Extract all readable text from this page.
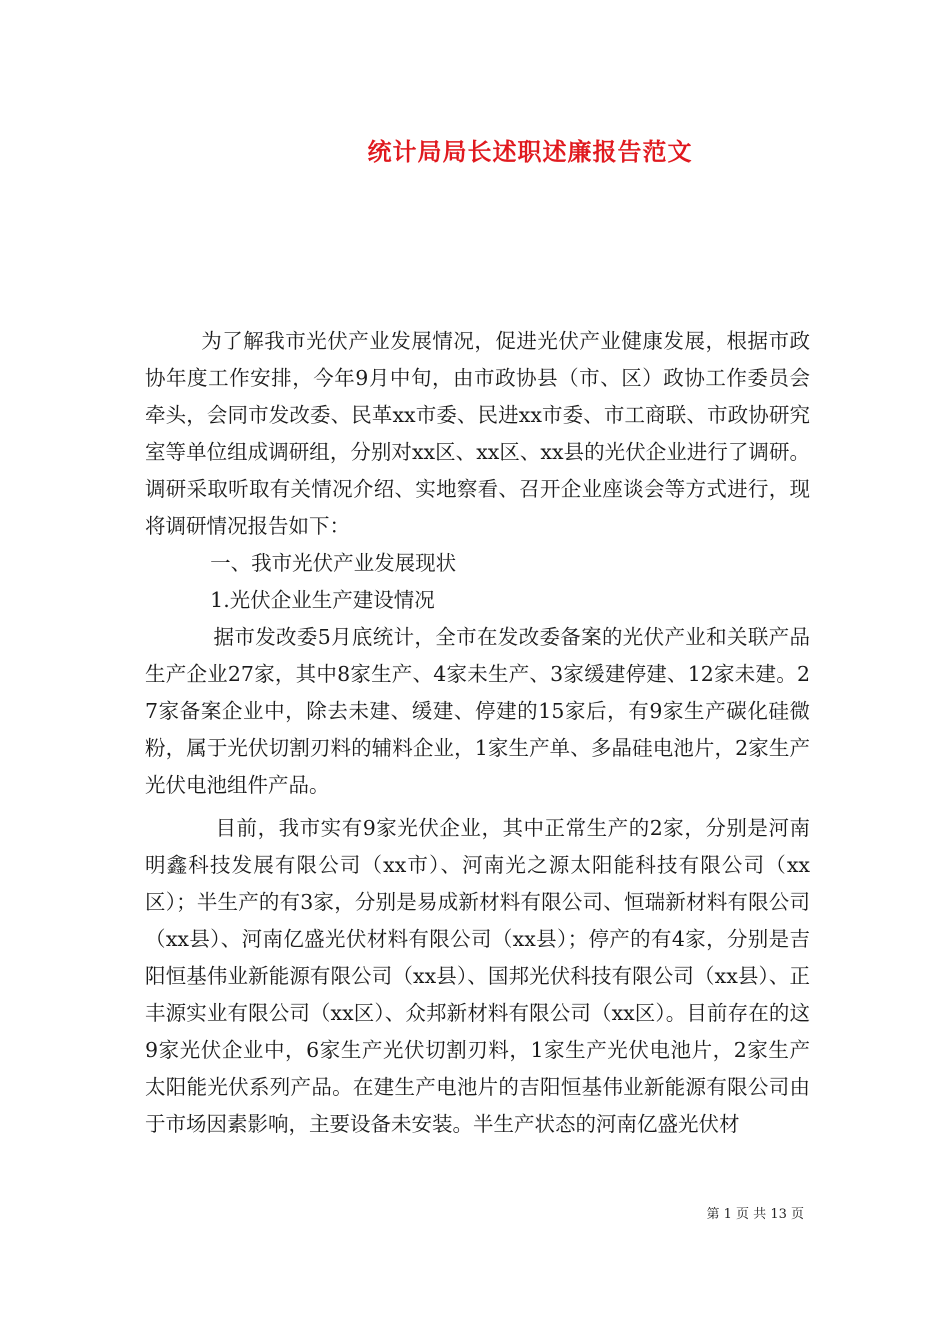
统计局局长述职述廉报告范文

为了解我市光伏产业发展情况，促进光伏产业健康发展，根据市政协年度工作安排，今年9月中旬，由市政协县（市、区）政协工作委员会牵头，会同市发改委、民革xx市委、民进xx市委、市工商联、市政协研究室等单位组成调研组，分别对xx区、xx区、xx县的光伏企业进行了调研。调研采取听取有关情况介绍、实地察看、召开企业座谈会等方式进行，现将调研情况报告如下：

一、我市光伏产业发展现状

1.光伏企业生产建设情况

据市发改委5月底统计，全市在发改委备案的光伏产业和关联产品生产企业27家，其中8家生产、4家未生产、3家缓建停建、12家未建。27家备案企业中，除去未建、缓建、停建的15家后，有9家生产碳化硅微粉，属于光伏切割刃料的辅料企业，1家生产单、多晶硅电池片，2家生产光伏电池组件产品。

目前，我市实有9家光伏企业，其中正常生产的2家，分别是河南明鑫科技发展有限公司（xx市）、河南光之源太阳能科技有限公司（xx区）；半生产的有3家，分别是易成新材料有限公司、恒瑞新材料有限公司（xx县）、河南亿盛光伏材料有限公司（xx县）；停产的有4家，分别是吉阳恒基伟业新能源有限公司（xx县）、国邦光伏科技有限公司（xx县）、正丰源实业有限公司（xx区）、众邦新材料有限公司（xx区）。目前存在的这9家光伏企业中，6家生产光伏切割刃料，1家生产光伏电池片，2家生产太阳能光伏系列产品。在建生产电池片的吉阳恒基伟业新能源有限公司由于市场因素影响，主要设备未安装。半生产状态的河南亿盛光伏材

第 1 页 共 13 页
